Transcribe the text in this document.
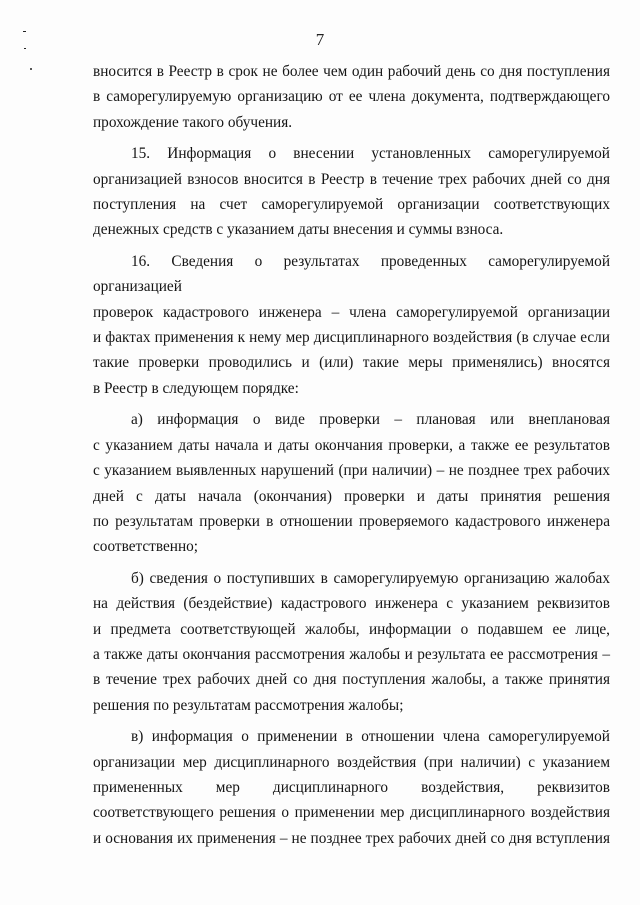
7

вносится в Реестр в срок не более чем один рабочий день со дня поступления

в саморегулируемую организацию от ее члена документа, подтверждающего

прохождение такого обучения.

15. Информация о внесении установленных саморегулируемой

организацией взносов вносится в Реестр в течение трех рабочих дней со дня

поступления на счет саморегулируемой организации соответствующих

денежных средств с указанием даты внесения и суммы взноса.

16. Сведения о результатах проведенных саморегулируемой организацией

проверок кадастрового инженера – члена саморегулируемой организации

и фактах применения к нему мер дисциплинарного воздействия (в случае если

такие проверки проводились и (или) такие меры применялись) вносятся

в Реестр в следующем порядке:

а) информация о виде проверки – плановая или внеплановая

с указанием даты начала и даты окончания проверки, а также ее результатов

с указанием выявленных нарушений (при наличии) – не позднее трех рабочих

дней с даты начала (окончания) проверки и даты принятия решения

по результатам проверки в отношении проверяемого кадастрового инженера

соответственно;

б) сведения о поступивших в саморегулируемую организацию жалобах

на действия (бездействие) кадастрового инженера с указанием реквизитов

и предмета соответствующей жалобы, информации о подавшем ее лице,

а также даты окончания рассмотрения жалобы и результата ее рассмотрения –

в течение трех рабочих дней со дня поступления жалобы, а также принятия

решения по результатам рассмотрения жалобы;

в) информация о применении в отношении члена саморегулируемой

организации мер дисциплинарного воздействия (при наличии) с указанием

примененных мер дисциплинарного воздействия, реквизитов

соответствующего решения о применении мер дисциплинарного воздействия

и основания их применения – не позднее трех рабочих дней со дня вступления
